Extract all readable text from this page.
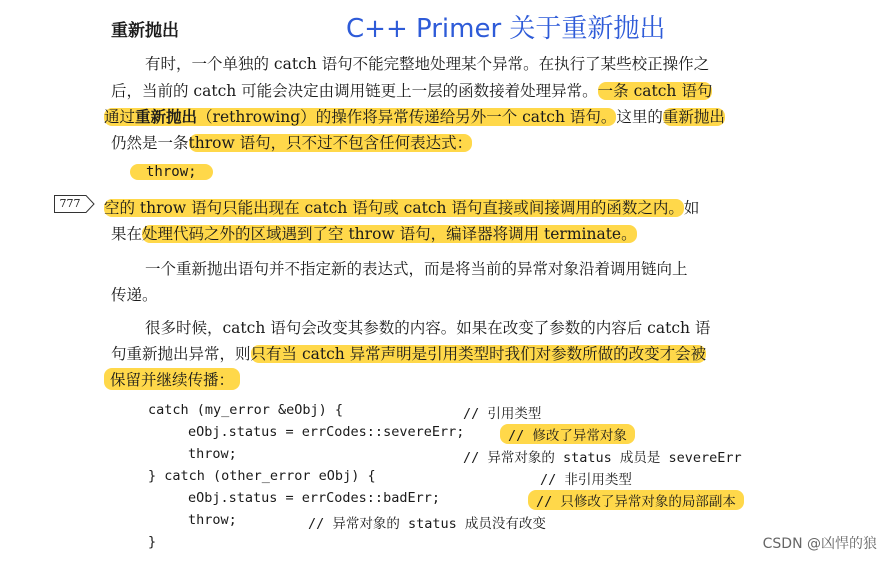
重新抛出	C++ Primer 关于重新抛出
有时，一个单独的 catch 语句不能完整地处理某个异常。在执行了某些校正操作之
后，当前的 catch 可能会决定由调用链更上一层的函数接着处理异常。一条 catch 语句
通过重新抛出（rethrowing）的操作将异常传递给另外一个 catch 语句。这里的重新抛出
仍然是一条throw 语句，只不过不包含任何表达式：
throw;
777	空的 throw 语句只能出现在 catch 语句或 catch 语句直接或间接调用的函数之内。如
果在处理代码之外的区域遇到了空 throw 语句，编译器将调用 terminate。
一个重新抛出语句并不指定新的表达式，而是将当前的异常对象沿着调用链向上
传递。
很多时候，catch 语句会改变其参数的内容。如果在改变了参数的内容后 catch 语
句重新抛出异常，则只有当 catch 异常声明是引用类型时我们对参数所做的改变才会被
保留并继续传播：
catch (my_error &eObj) {	// 引用类型
eObj.status = errCodes::severeErr;	// 修改了异常对象
throw;	// 异常对象的 status 成员是 severeErr
} catch (other_error eObj) {	// 非引用类型
eObj.status = errCodes::badErr;	// 只修改了异常对象的局部副本
throw;	// 异常对象的 status 成员没有改变
}	CSDN @凶悍的狼
